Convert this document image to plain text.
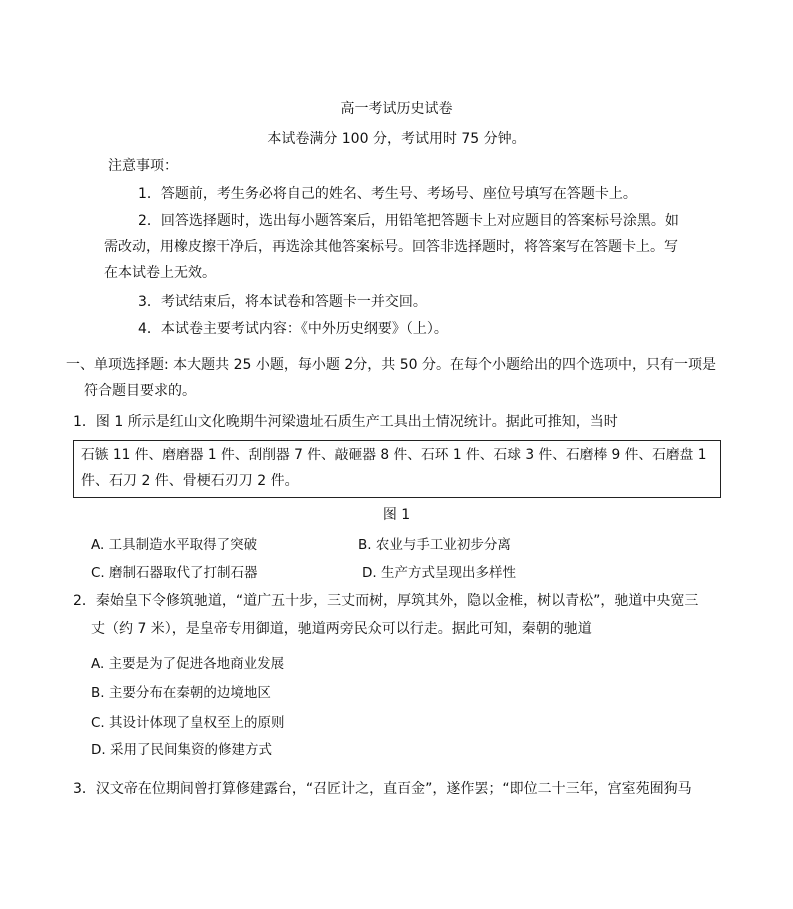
高一考试历史试卷
本试卷满分 100 分，考试用时 75 分钟。
注意事项：
1．答题前，考生务必将自己的姓名、考生号、考场号、座位号填写在答题卡上。
2．回答选择题时，选出每小题答案后，用铅笔把答题卡上对应题目的答案标号涂黑。如
需改动，用橡皮擦干净后，再选涂其他答案标号。回答非选择题时，将答案写在答题卡上。写
在本试卷上无效。
3．考试结束后，将本试卷和答题卡一并交回。
4．本试卷主要考试内容：《中外历史纲要》（上）。
一、单项选择题: 本大题共 25 小题，每小题 2分，共 50 分。在每个小题给出的四个选项中，只有一项是
符合题目要求的。
1．图 1 所示是红山文化晚期牛河梁遗址石质生产工具出土情况统计。据此可推知，当时
石镞 11 件、磨磨器 1 件、刮削器 7 件、敲砸器 8 件、石环 1 件、石球 3 件、石磨棒 9 件、石磨盘 1
件、石刀 2 件、骨梗石刃刀 2 件。
图 1
A. 工具制造水平取得了突破	B. 农业与手工业初步分离
C. 磨制石器取代了打制石器	D. 生产方式呈现出多样性
2．秦始皇下令修筑驰道，“道广五十步，三丈而树，厚筑其外，隐以金椎，树以青松”，驰道中央宽三
丈（约 7 米），是皇帝专用御道，驰道两旁民众可以行走。据此可知，秦朝的驰道
A. 主要是为了促进各地商业发展
B. 主要分布在秦朝的边境地区
C. 其设计体现了皇权至上的原则
D. 采用了民间集资的修建方式
3．汉文帝在位期间曾打算修建露台，“召匠计之，直百金”，遂作罢；“即位二十三年，宫室苑囿狗马
